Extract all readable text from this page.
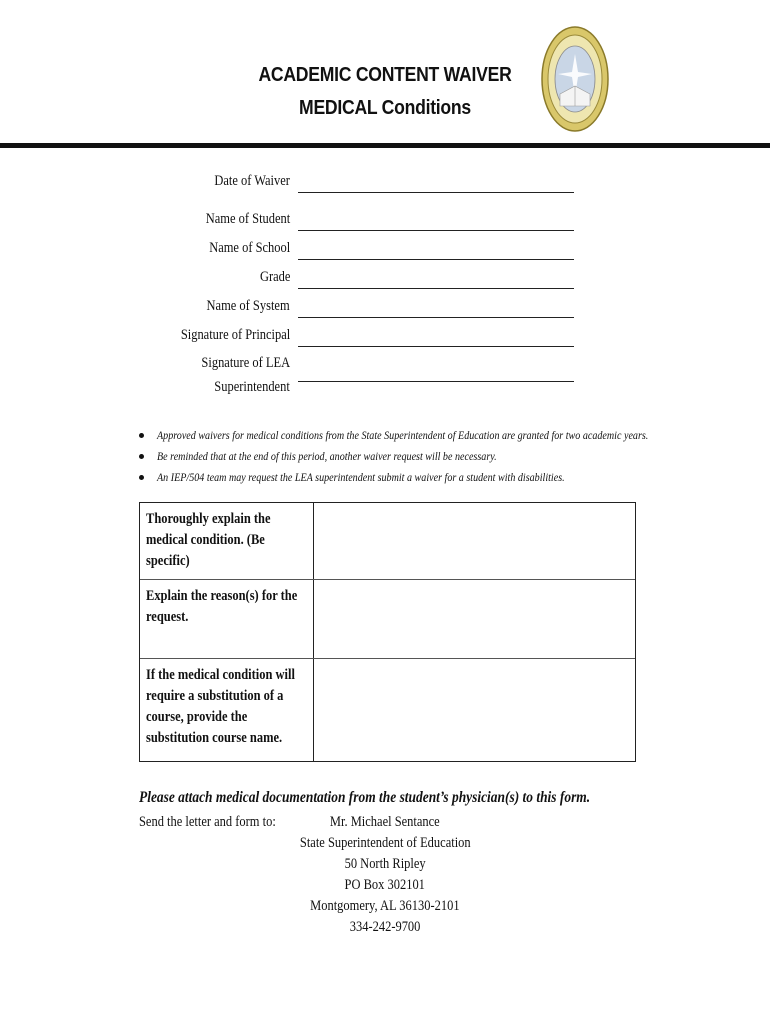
ACADEMIC CONTENT WAIVER
MEDICAL Conditions
Date of Waiver
Name of Student
Name of School
Grade
Name of System
Signature of Principal
Signature of LEA
Superintendent
Approved waivers for medical conditions from the State Superintendent of Education are granted for two academic years.
Be reminded that at the end of this period, another waiver request will be necessary.
An IEP/504 team may request the LEA superintendent submit a waiver for a student with disabilities.
Thoroughly explain the medical condition. (Be specific)
Explain the reason(s) for the request.
If the medical condition will require a substitution of a course, provide the substitution course name.
Please attach medical documentation from the student’s physician(s) to this form.
Send the letter and form to:	Mr. Michael Sentance
State Superintendent of Education
50 North Ripley
PO Box 302101
Montgomery, AL 36130-2101
334-242-9700
